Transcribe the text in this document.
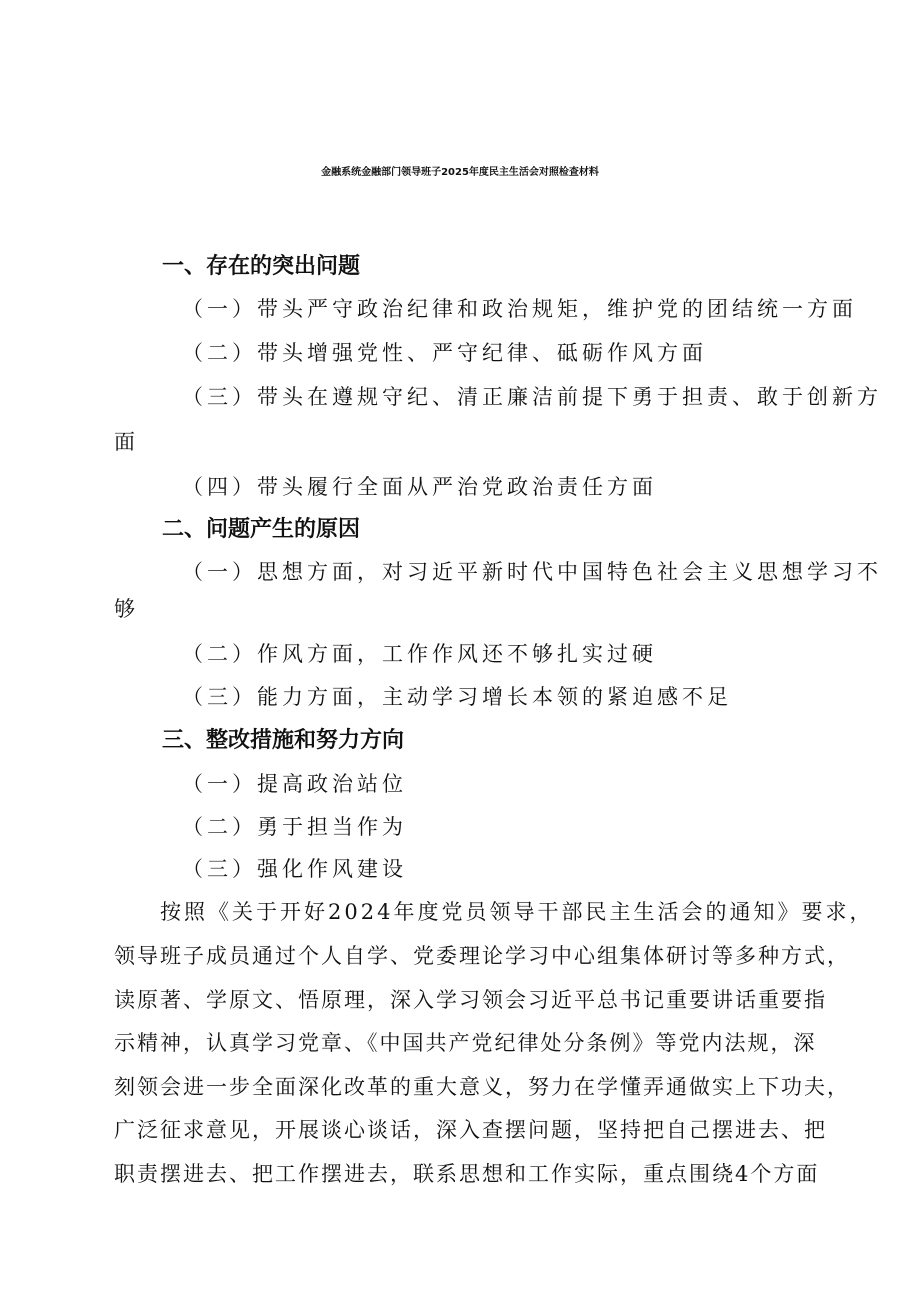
金融系统金融部门领导班子2025年度民主生活会对照检查材料
一、存在的突出问题
（一）带头严守政治纪律和政治规矩，维护党的团结统一方面
（二）带头增强党性、严守纪律、砥砺作风方面
（三）带头在遵规守纪、清正廉洁前提下勇于担责、敢于创新方
面
（四）带头履行全面从严治党政治责任方面
二、问题产生的原因
（一）思想方面，对习近平新时代中国特色社会主义思想学习不
够
（二）作风方面，工作作风还不够扎实过硬
（三）能力方面，主动学习增长本领的紧迫感不足
三、整改措施和努力方向
（一）提高政治站位
（二）勇于担当作为
（三）强化作风建设
按照《关于开好2024年度党员领导干部民主生活会的通知》要求，
领导班子成员通过个人自学、党委理论学习中心组集体研讨等多种方式，
读原著、学原文、悟原理，深入学习领会习近平总书记重要讲话重要指
示精神，认真学习党章、《中国共产党纪律处分条例》等党内法规，深
刻领会进一步全面深化改革的重大意义，努力在学懂弄通做实上下功夫，
广泛征求意见，开展谈心谈话，深入查摆问题，坚持把自己摆进去、把
职责摆进去、把工作摆进去，联系思想和工作实际，重点围绕4个方面
